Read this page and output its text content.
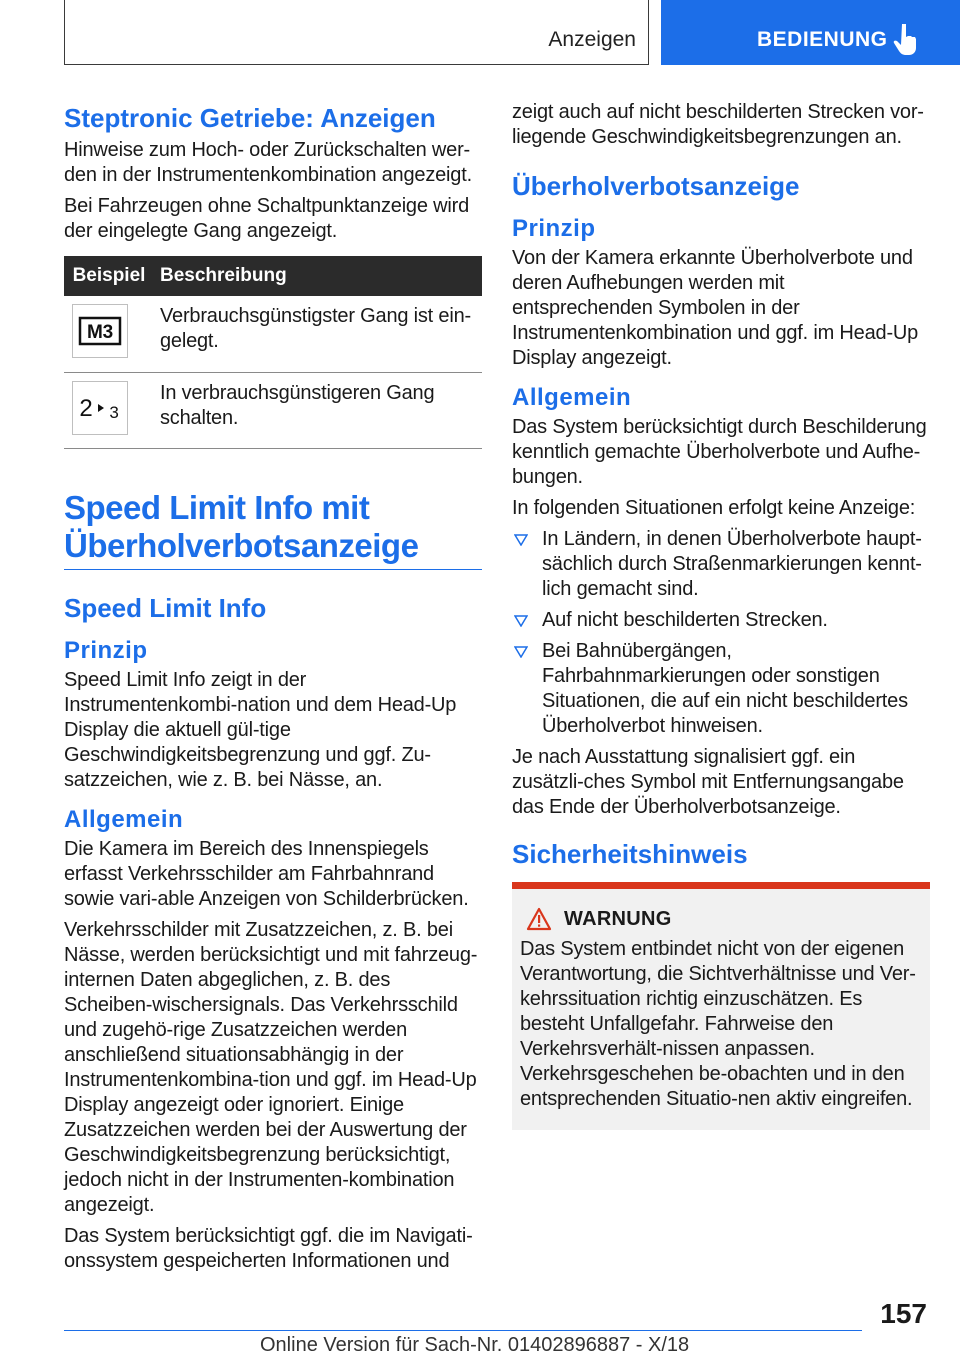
Anzeigen	BEDIENUNG
Steptronic Getriebe: Anzeigen

Hinweise zum Hoch- oder Zurückschalten wer-den in der Instrumentenkombination angezeigt.

Bei Fahrzeugen ohne Schaltpunktanzeige wird der eingelegte Gang angezeigt.

Beispiel	Beschreibung

M3	Verbrauchsgünstigster Gang ist ein-gelegt.

2 3	In verbrauchsgünstigeren Gang schalten.
Speed Limit Info mit
Überholverbotsanzeige
Speed Limit Info
Prinzip

Speed Limit Info zeigt in der Instrumentenkombi-nation und dem Head-Up Display die aktuell gül-tige Geschwindigkeitsbegrenzung und ggf. Zu-satzzeichen, wie z. B. bei Nässe, an.

Allgemein

Die Kamera im Bereich des Innenspiegels erfasst Verkehrsschilder am Fahrbahnrand sowie vari-able Anzeigen von Schilderbrücken.

Verkehrsschilder mit Zusatzzeichen, z. B. bei Nässe, werden berücksichtigt und mit fahrzeug-internen Daten abgeglichen, z. B. des Scheiben-wischersignals. Das Verkehrsschild und zugehö-rige Zusatzzeichen werden anschließend situationsabhängig in der Instrumentenkombina-tion und ggf. im Head-Up Display angezeigt oder ignoriert. Einige Zusatzzeichen werden bei der Auswertung der Geschwindigkeitsbegrenzung berücksichtigt, jedoch nicht in der Instrumenten-kombination angezeigt.

Das System berücksichtigt ggf. die im Navigati-onssystem gespeicherten Informationen und

zeigt auch auf nicht beschilderten Strecken vor-liegende Geschwindigkeitsbegrenzungen an.

Überholverbotsanzeige
Prinzip

Von der Kamera erkannte Überholverbote und deren Aufhebungen werden mit entsprechenden Symbolen in der Instrumentenkombination und ggf. im Head-Up Display angezeigt.

Allgemein

Das System berücksichtigt durch Beschilderung kenntlich gemachte Überholverbote und Aufhe-bungen.

In folgenden Situationen erfolgt keine Anzeige:

In Ländern, in denen Überholverbote haupt-sächlich durch Straßenmarkierungen kennt-lich gemacht sind.
Auf nicht beschilderten Strecken.
Bei Bahnübergängen, Fahrbahnmarkierungen oder sonstigen Situationen, die auf ein nicht beschildertes Überholverbot hinweisen.

Je nach Ausstattung signalisiert ggf. ein zusätzli-ches Symbol mit Entfernungsangabe das Ende der Überholverbotsanzeige.

Sicherheitshinweis
WARNUNG

Das System entbindet nicht von der eigenen Verantwortung, die Sichtverhältnisse und Ver-kehrssituation richtig einzuschätzen. Es besteht Unfallgefahr. Fahrweise den Verkehrsverhält-nissen anpassen. Verkehrsgeschehen be-obachten und in den entsprechenden Situatio-nen aktiv eingreifen.

157
Online Version für Sach-Nr. 01402896887 - X/18
